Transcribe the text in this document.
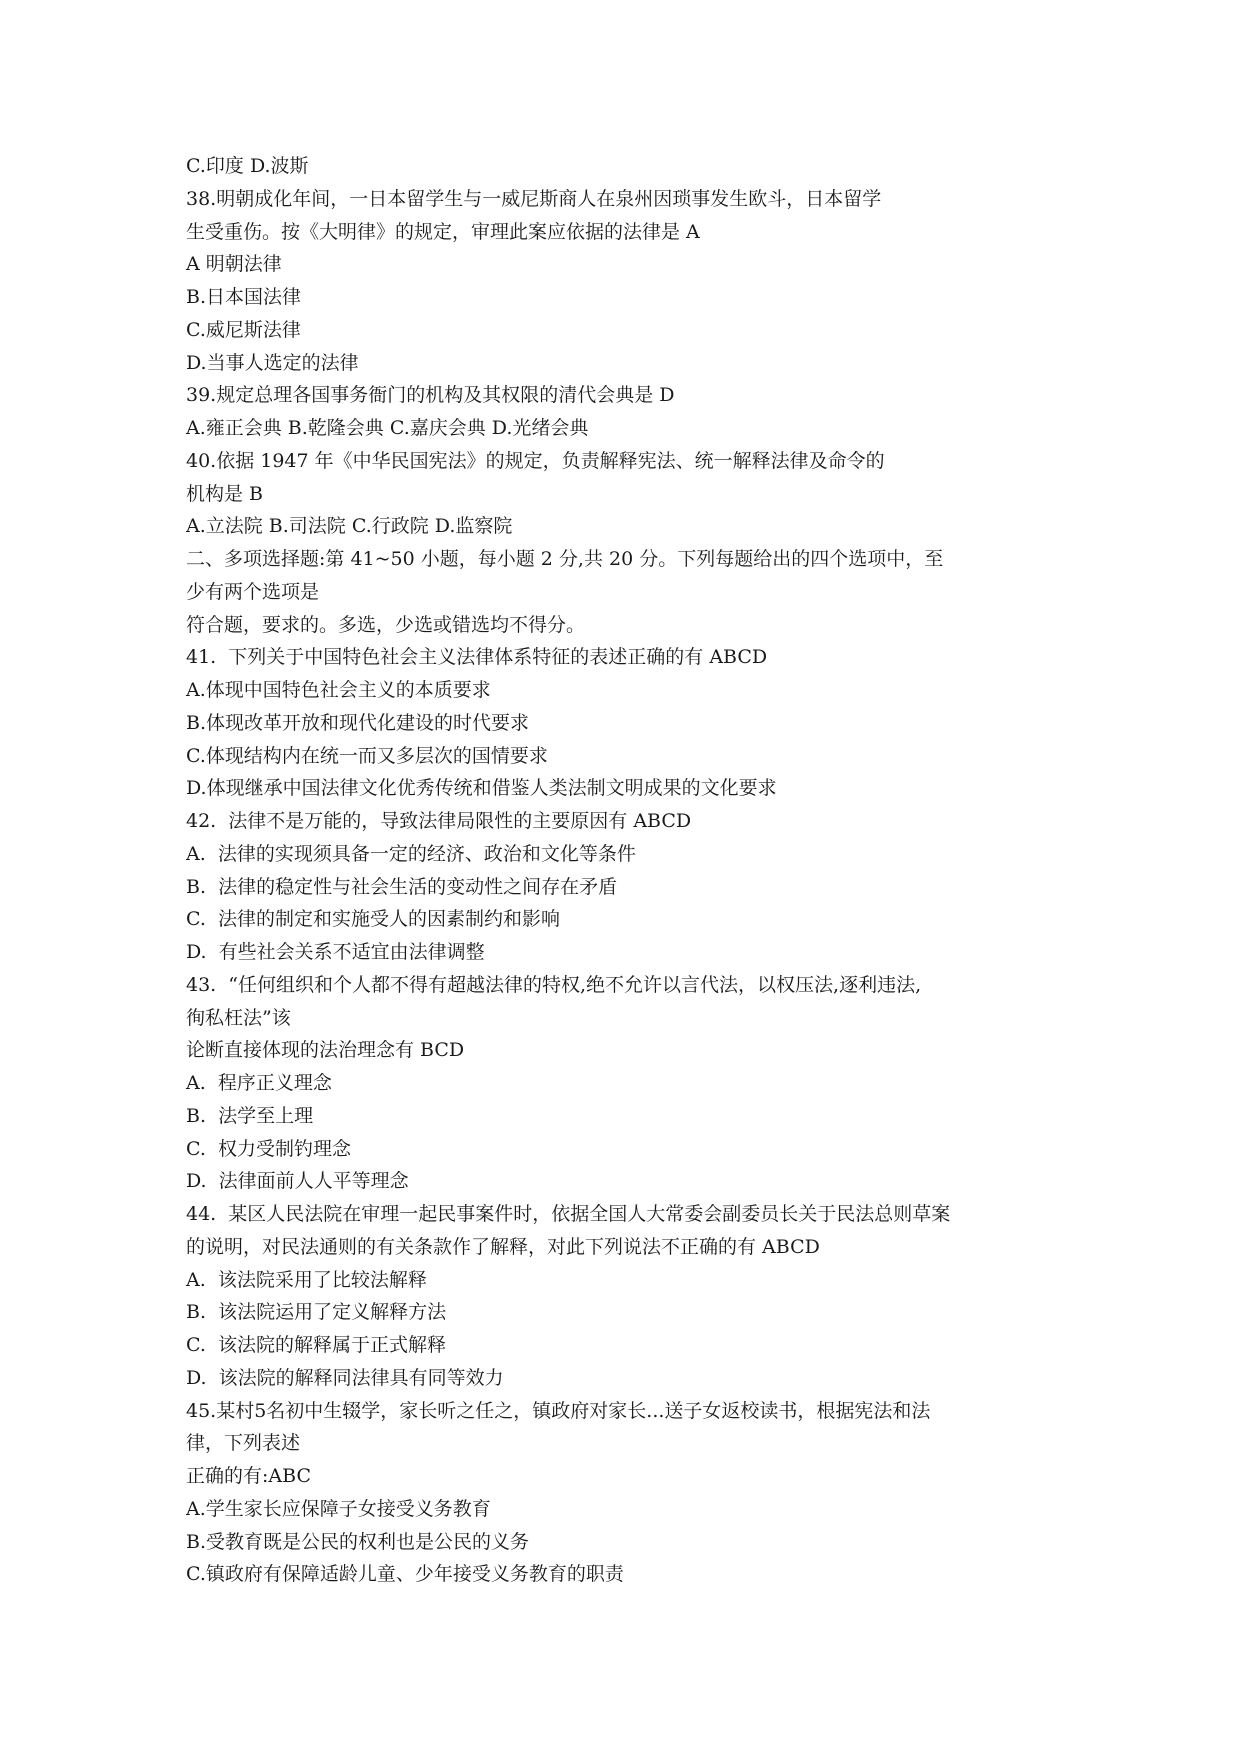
C.印度 D.波斯
38.明朝成化年间，一日本留学生与一威尼斯商人在泉州因琐事发生欧斗，日本留学
生受重伤。按《大明律》的规定，审理此案应依据的法律是 A
A 明朝法律
B.日本国法律
C.威尼斯法律
D.当事人选定的法律
39.规定总理各国事务衙门的机构及其权限的清代会典是 D
A.雍正会典 B.乾隆会典 C.嘉庆会典 D.光绪会典
40.依据 1947 年《中华民国宪法》的规定，负责解释宪法、统一解释法律及命令的
机构是 B
A.立法院 B.司法院 C.行政院 D.监察院
二、多项选择题:第 41~50 小题，每小题 2 分,共 20 分。下列每题给出的四个选项中，至
少有两个选项是
符合题，要求的。多选，少选或错选均不得分。
41.  下列关于中国特色社会主义法律体系特征的表述正确的有 ABCD
A.体现中国特色社会主义的本质要求
B.体现改革开放和现代化建设的时代要求
C.体现结构内在统一而又多层次的国情要求
D.体现继承中国法律文化优秀传统和借鉴人类法制文明成果的文化要求
42.  法律不是万能的，导致法律局限性的主要原因有 ABCD
A.  法律的实现须具备一定的经济、政治和文化等条件
B.  法律的稳定性与社会生活的变动性之间存在矛盾
C.  法律的制定和实施受人的因素制约和影响
D.  有些社会关系不适宜由法律调整
43.  “任何组织和个人都不得有超越法律的特权,绝不允许以言代法，以权压法,逐利违法,
徇私枉法”该
论断直接体现的法治理念有 BCD
A.  程序正义理念
B.  法学至上理
C.  权力受制钓理念
D.  法律面前人人平等理念
44.  某区人民法院在审理一起民事案件时，依据全国人大常委会副委员长关于民法总则草案
的说明，对民法通则的有关条款作了解释，对此下列说法不正确的有 ABCD
A.  该法院采用了比较法解释
B.  该法院运用了定义解释方法
C.  该法院的解释属于正式解释
D.  该法院的解释同法律具有同等效力
45.某村5名初中生辍学，家长听之任之，镇政府对家长...送子女返校读书，根据宪法和法
律，下列表述
正确的有:ABC
A.学生家长应保障子女接受义务教育
B.受教育既是公民的权利也是公民的义务
C.镇政府有保障适龄儿童、少年接受义务教育的职责
